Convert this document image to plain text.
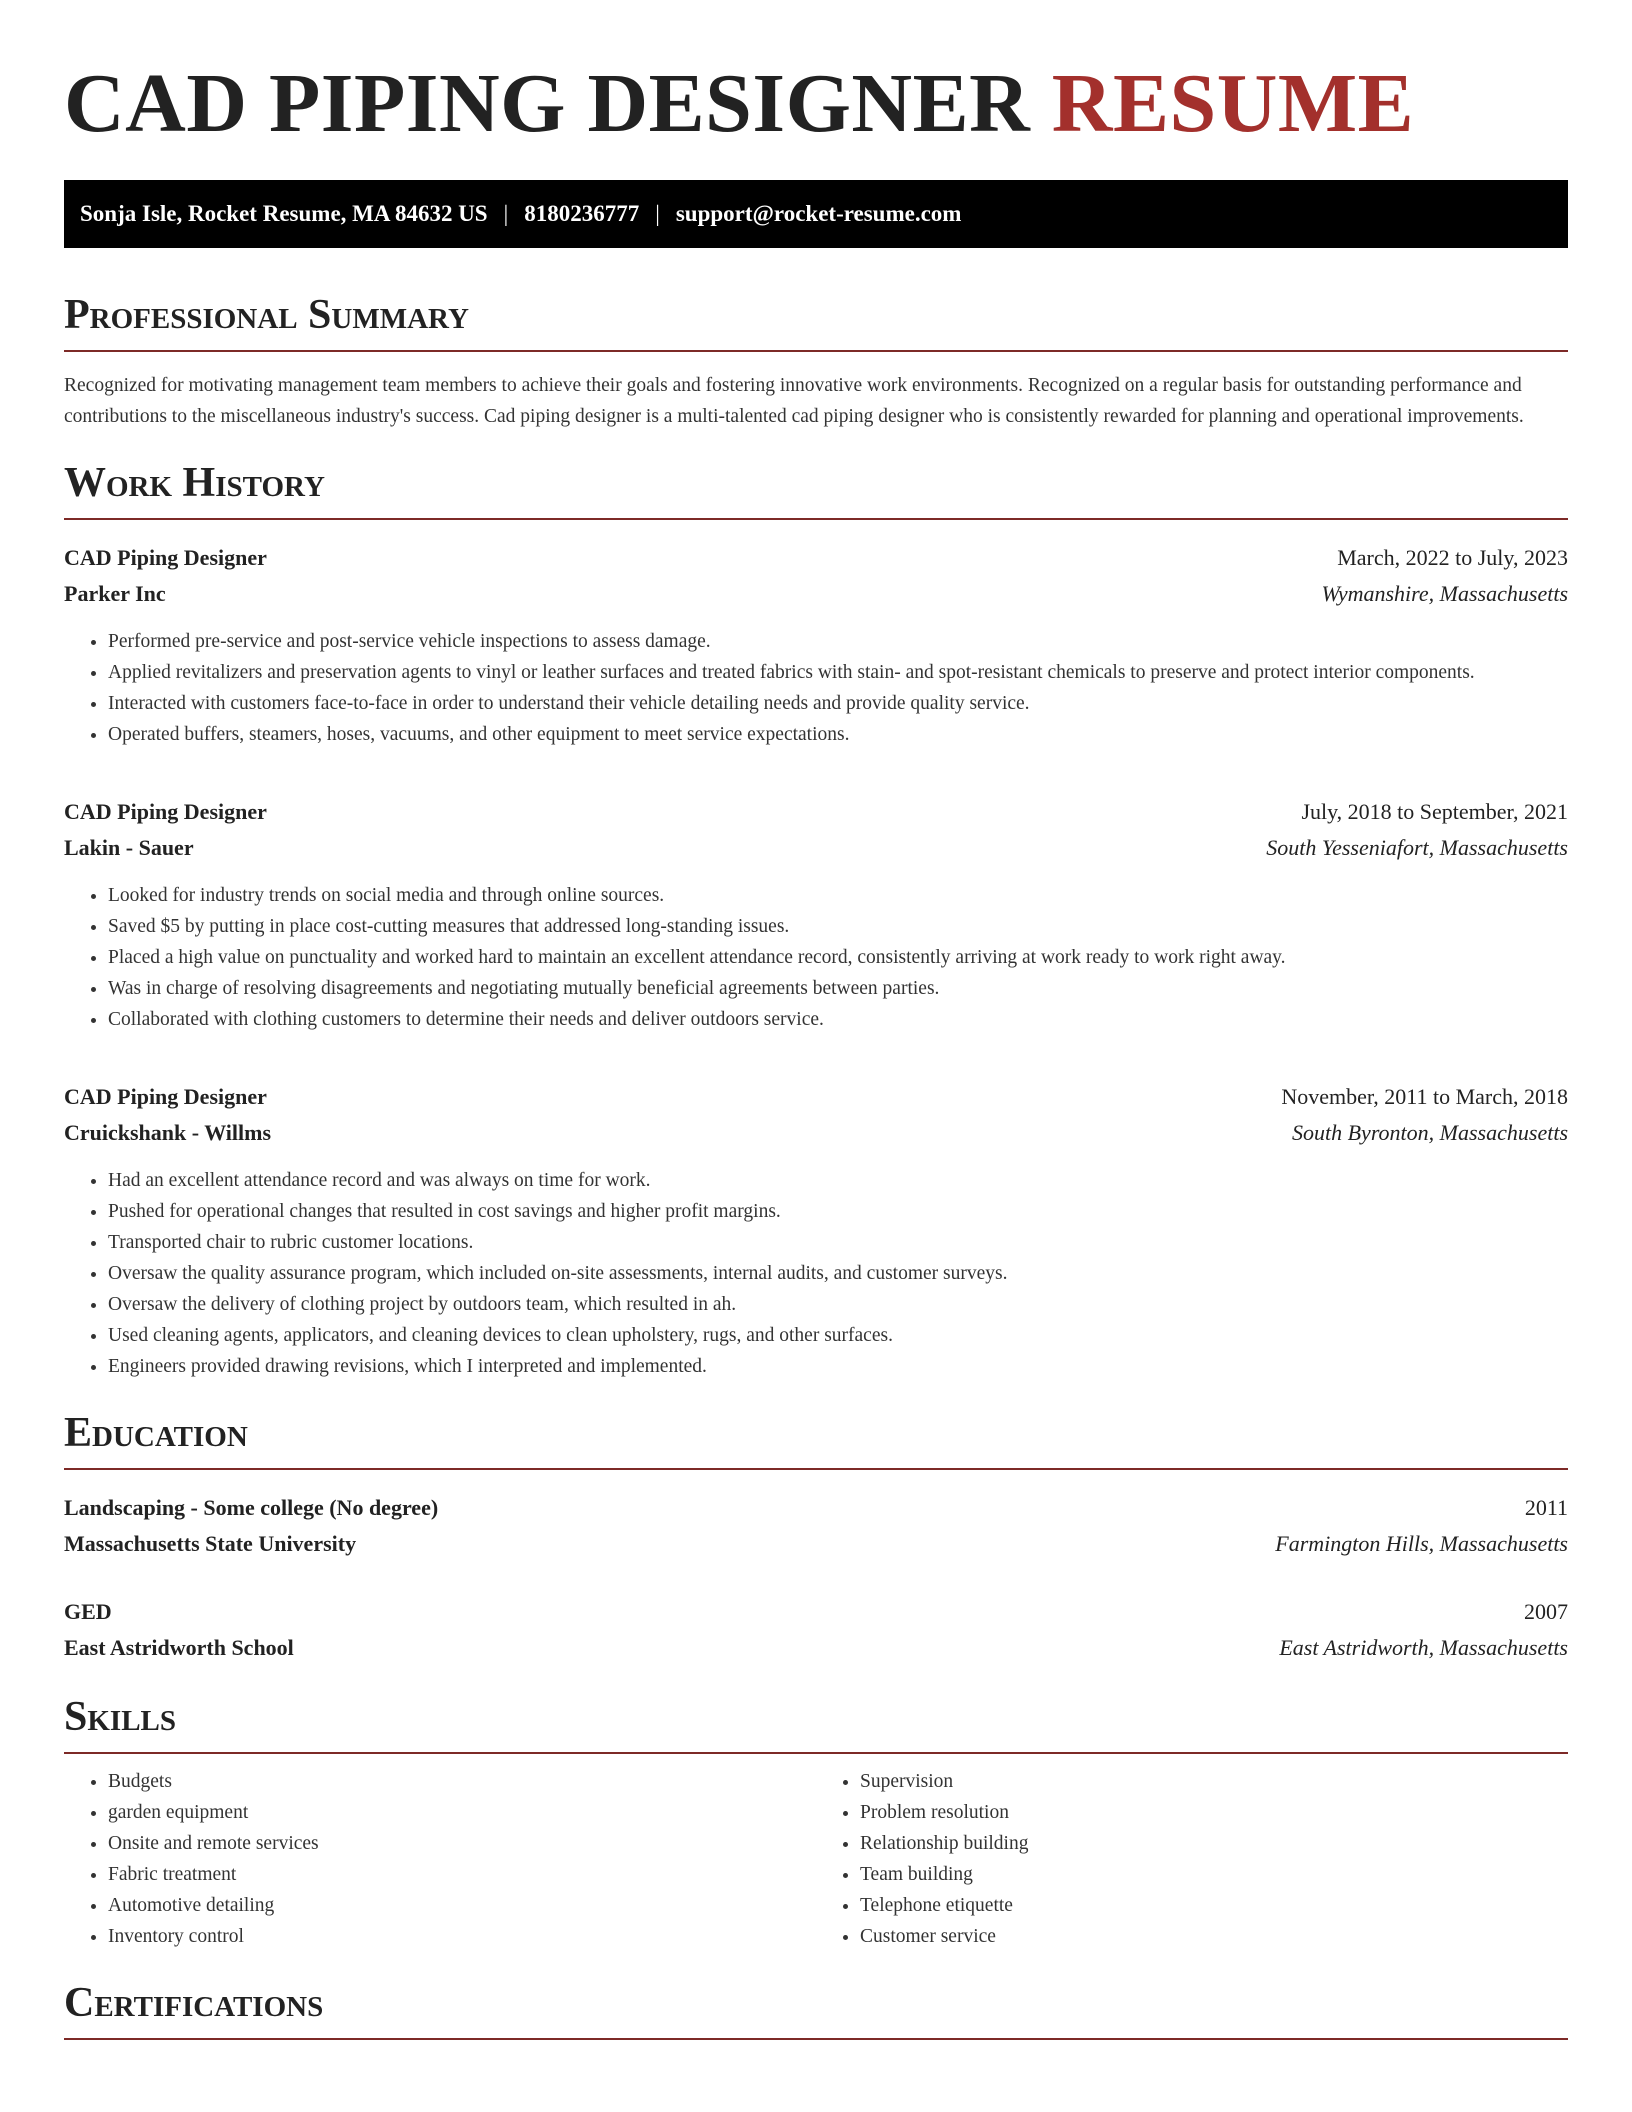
CAD PIPING DESIGNER RESUME
Sonja Isle, Rocket Resume, MA 84632 US | 8180236777 | support@rocket-resume.com
Professional Summary

Recognized for motivating management team members to achieve their goals and fostering innovative work environments. Recognized on a regular basis for outstanding performance and contributions to the miscellaneous industry's success. Cad piping designer is a multi-talented cad piping designer who is consistently rewarded for planning and operational improvements.

Work History
CAD Piping Designer	March, 2022 to July, 2023
Parker Inc	Wymanshire, Massachusetts
• Performed pre-service and post-service vehicle inspections to assess damage.
• Applied revitalizers and preservation agents to vinyl or leather surfaces and treated fabrics with stain- and spot-resistant chemicals to preserve and protect interior components.
• Interacted with customers face-to-face in order to understand their vehicle detailing needs and provide quality service.
• Operated buffers, steamers, hoses, vacuums, and other equipment to meet service expectations.
CAD Piping Designer	July, 2018 to September, 2021
Lakin - Sauer	South Yesseniafort, Massachusetts
• Looked for industry trends on social media and through online sources.
• Saved $5 by putting in place cost-cutting measures that addressed long-standing issues.
• Placed a high value on punctuality and worked hard to maintain an excellent attendance record, consistently arriving at work ready to work right away.
• Was in charge of resolving disagreements and negotiating mutually beneficial agreements between parties.
• Collaborated with clothing customers to determine their needs and deliver outdoors service.
CAD Piping Designer	November, 2011 to March, 2018
Cruickshank - Willms	South Byronton, Massachusetts
• Had an excellent attendance record and was always on time for work.
• Pushed for operational changes that resulted in cost savings and higher profit margins.
• Transported chair to rubric customer locations.
• Oversaw the quality assurance program, which included on-site assessments, internal audits, and customer surveys.
• Oversaw the delivery of clothing project by outdoors team, which resulted in ah.
• Used cleaning agents, applicators, and cleaning devices to clean upholstery, rugs, and other surfaces.
• Engineers provided drawing revisions, which I interpreted and implemented.
Education
Landscaping - Some college (No degree)	2011
Massachusetts State University	Farmington Hills, Massachusetts
GED	2007
East Astridworth School	East Astridworth, Massachusetts
Skills
• Budgets
• garden equipment
• Onsite and remote services
• Fabric treatment
• Automotive detailing
• Inventory control
• Supervision
• Problem resolution
• Relationship building
• Team building
• Telephone etiquette
• Customer service
Certifications
